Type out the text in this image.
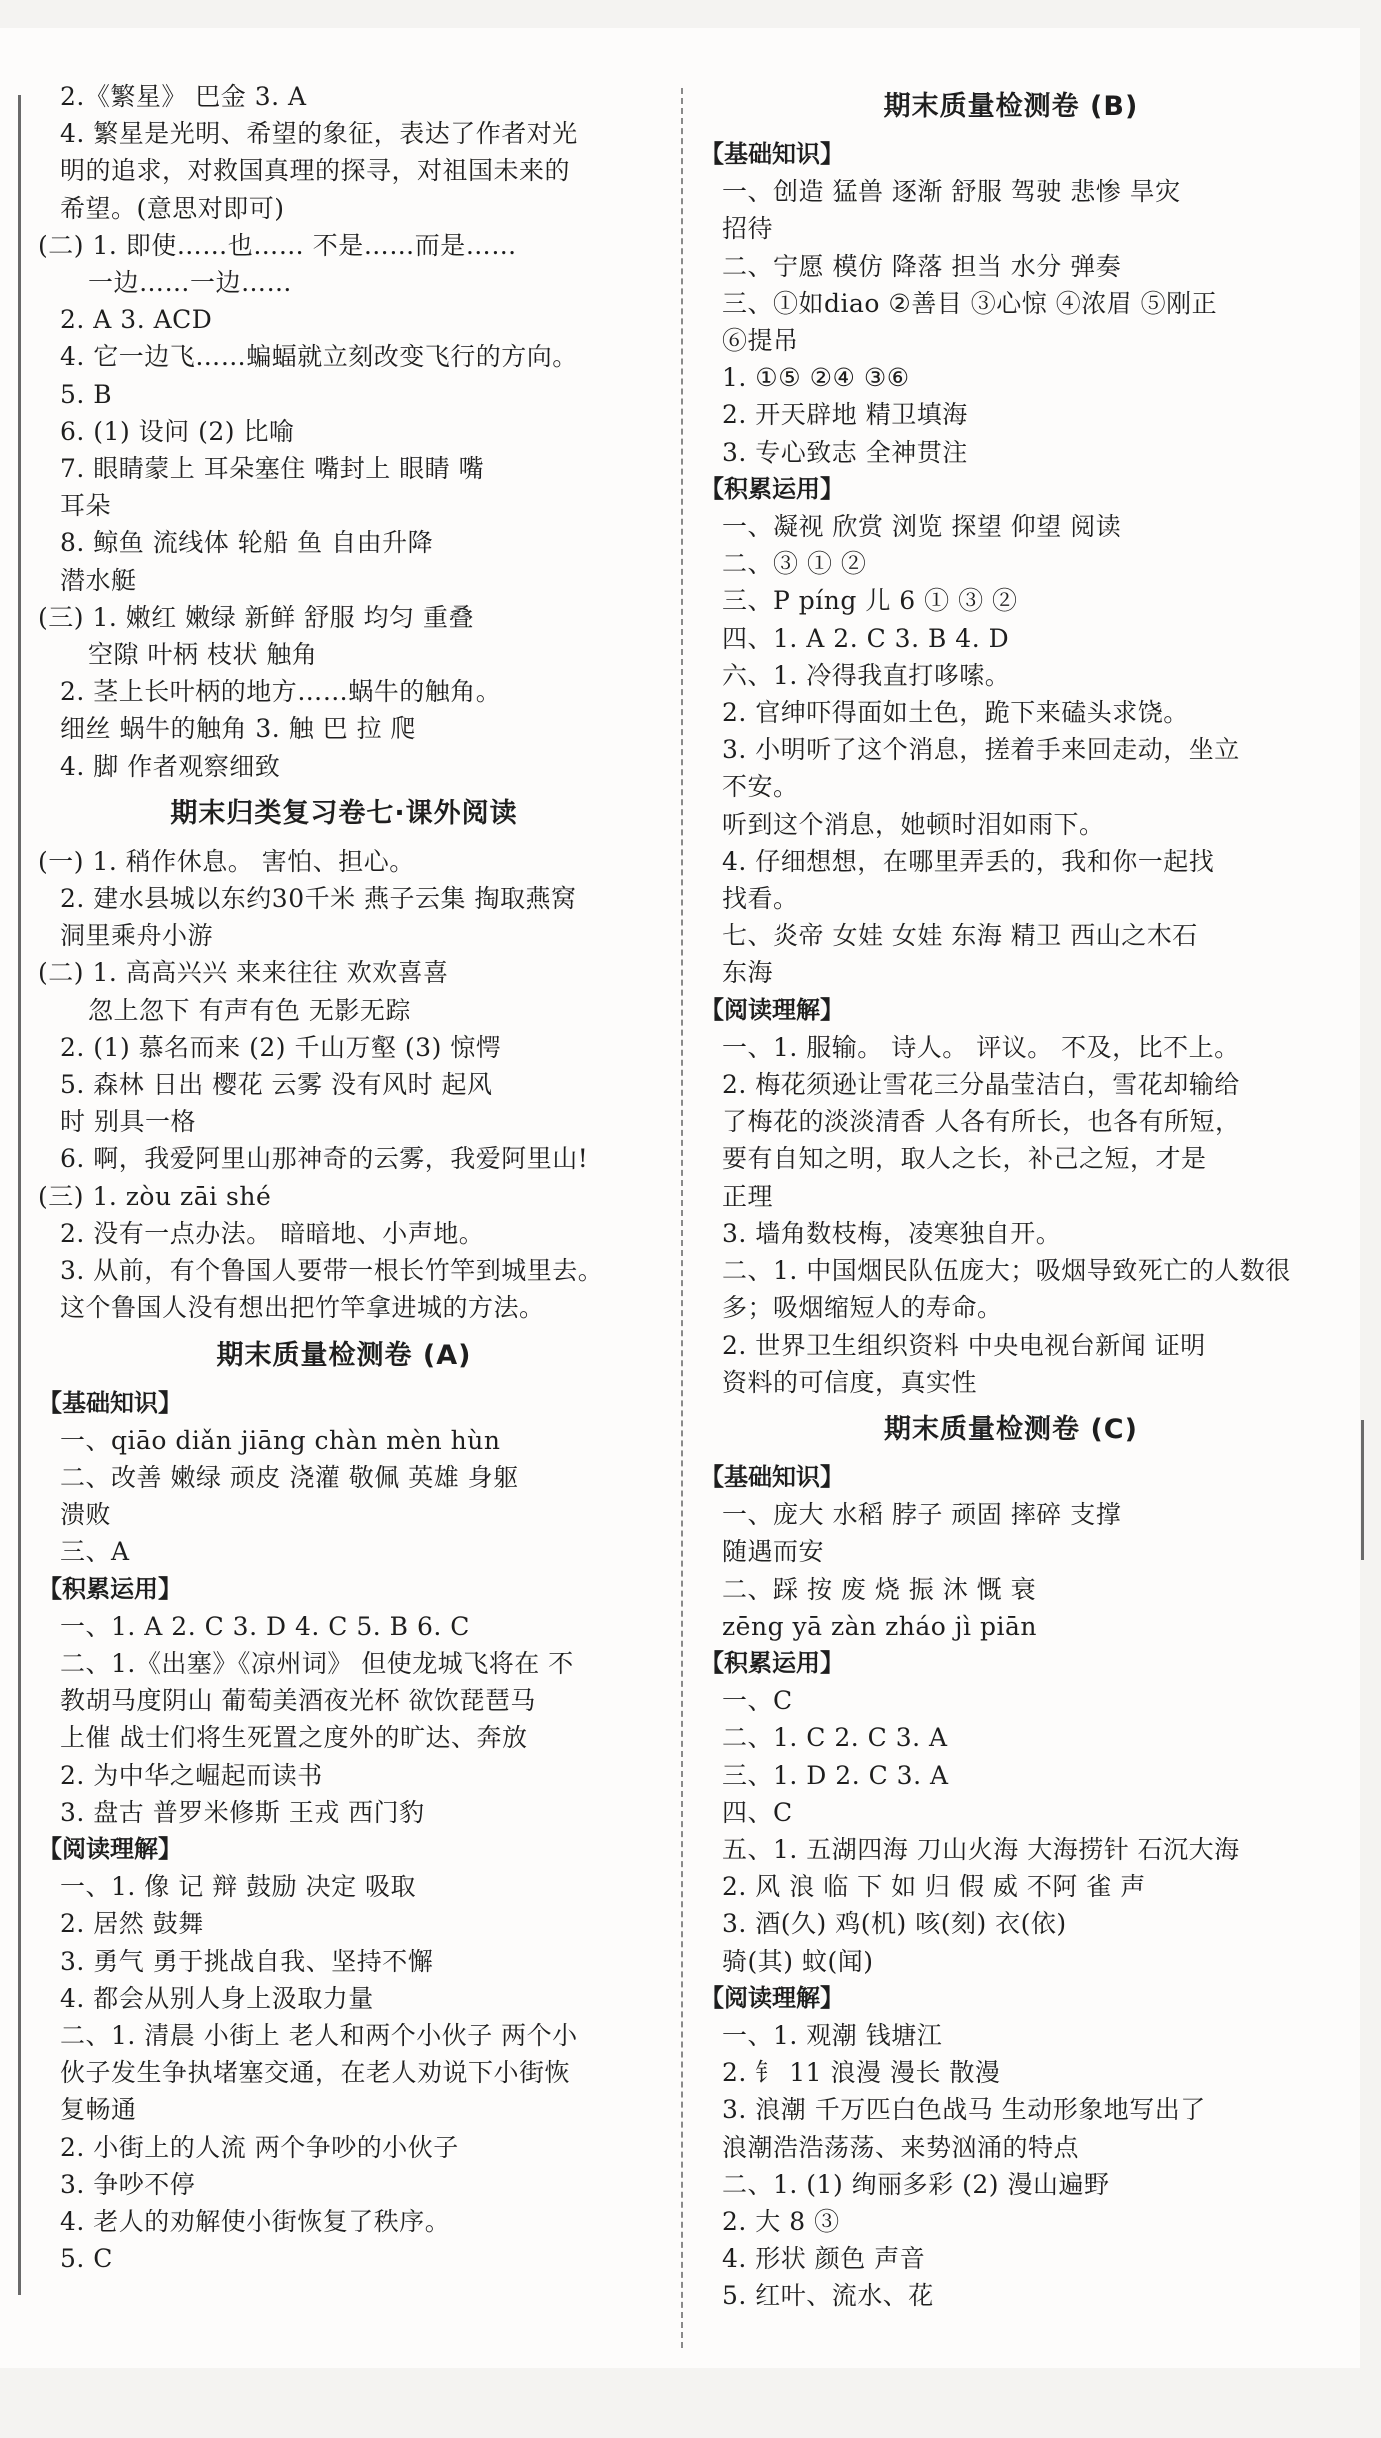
2.《繁星》 巴金 3. A
4. 繁星是光明、希望的象征，表达了作者对光
明的追求，对救国真理的探寻，对祖国未来的
希望。(意思对即可)
(二) 1. 即使……也…… 不是……而是……
一边……一边……
2. A 3. ACD
4. 它一边飞……蝙蝠就立刻改变飞行的方向。
5. B
6. (1) 设问 (2) 比喻
7. 眼睛蒙上 耳朵塞住 嘴封上 眼睛 嘴
耳朵
8. 鲸鱼 流线体 轮船 鱼 自由升降
潜水艇
(三) 1. 嫩红 嫩绿 新鲜 舒服 均匀 重叠
空隙 叶柄 枝状 触角
2. 茎上长叶柄的地方……蜗牛的触角。
细丝 蜗牛的触角 3. 触 巴 拉 爬
4. 脚 作者观察细致
期末归类复习卷七·课外阅读
(一) 1. 稍作休息。 害怕、担心。
2. 建水县城以东约30千米 燕子云集 掏取燕窝
洞里乘舟小游
(二) 1. 高高兴兴 来来往往 欢欢喜喜
忽上忽下 有声有色 无影无踪
2. (1) 慕名而来 (2) 千山万壑 (3) 惊愕
5. 森林 日出 樱花 云雾 没有风时 起风
时 别具一格
6. 啊，我爱阿里山那神奇的云雾，我爱阿里山!
(三) 1. zòu zāi shé
2. 没有一点办法。 暗暗地、小声地。
3. 从前，有个鲁国人要带一根长竹竿到城里去。
这个鲁国人没有想出把竹竿拿进城的方法。
期末质量检测卷 (A)
【基础知识】
一、qiāo diǎn jiāng chàn mèn hùn
二、改善 嫩绿 顽皮 浇灌 敬佩 英雄 身躯
溃败
三、A
【积累运用】
一、1. A 2. C 3. D 4. C 5. B 6. C
二、1.《出塞》《凉州词》 但使龙城飞将在 不
教胡马度阴山 葡萄美酒夜光杯 欲饮琵琶马
上催 战士们将生死置之度外的旷达、奔放
2. 为中华之崛起而读书
3. 盘古 普罗米修斯 王戎 西门豹
【阅读理解】
一、1. 像 记 辩 鼓励 决定 吸取
2. 居然 鼓舞
3. 勇气 勇于挑战自我、坚持不懈
4. 都会从别人身上汲取力量
二、1. 清晨 小街上 老人和两个小伙子 两个小
伙子发生争执堵塞交通，在老人劝说下小街恢
复畅通
2. 小街上的人流 两个争吵的小伙子
3. 争吵不停
4. 老人的劝解使小街恢复了秩序。
5. C
期末质量检测卷 (B)
【基础知识】
一、创造 猛兽 逐渐 舒服 驾驶 悲惨 旱灾
招待
二、宁愿 模仿 降落 担当 水分 弹奏
三、①如diao ②善目 ③心惊 ④浓眉 ⑤刚正
⑥提吊
1. ①⑤ ②④ ③⑥
2. 开天辟地 精卫填海
3. 专心致志 全神贯注
【积累运用】
一、凝视 欣赏 浏览 探望 仰望 阅读
二、③ ① ②
三、P píng 儿 6 ① ③ ②
四、1. A 2. C 3. B 4. D
六、1. 冷得我直打哆嗦。
2. 官绅吓得面如土色，跪下来磕头求饶。
3. 小明听了这个消息，搓着手来回走动，坐立
不安。
听到这个消息，她顿时泪如雨下。
4. 仔细想想，在哪里弄丢的，我和你一起找
找看。
七、炎帝 女娃 女娃 东海 精卫 西山之木石
东海
【阅读理解】
一、1. 服输。 诗人。 评议。 不及，比不上。
2. 梅花须逊让雪花三分晶莹洁白，雪花却输给
了梅花的淡淡清香 人各有所长，也各有所短，
要有自知之明，取人之长，补己之短，才是
正理
3. 墙角数枝梅，凌寒独自开。
二、1. 中国烟民队伍庞大；吸烟导致死亡的人数很
多；吸烟缩短人的寿命。
2. 世界卫生组织资料 中央电视台新闻 证明
资料的可信度，真实性
期末质量检测卷 (C)
【基础知识】
一、庞大 水稻 脖子 顽固 摔碎 支撑
随遇而安
二、踩 按 废 烧 振 沐 慨 衰
zēng yā zàn zháo jì piān
【积累运用】
一、C
二、1. C 2. C 3. A
三、1. D 2. C 3. A
四、C
五、1. 五湖四海 刀山火海 大海捞针 石沉大海
2. 风 浪 临 下 如 归 假 威 不阿 雀 声
3. 酒(久) 鸡(机) 咳(刻) 衣(依)
骑(其) 蚊(闻)
【阅读理解】
一、1. 观潮 钱塘江
2. 钅 11 浪漫 漫长 散漫
3. 浪潮 千万匹白色战马 生动形象地写出了
浪潮浩浩荡荡、来势汹涌的特点
二、1. (1) 绚丽多彩 (2) 漫山遍野
2. 大 8 ③
4. 形状 颜色 声音
5. 红叶、流水、花
